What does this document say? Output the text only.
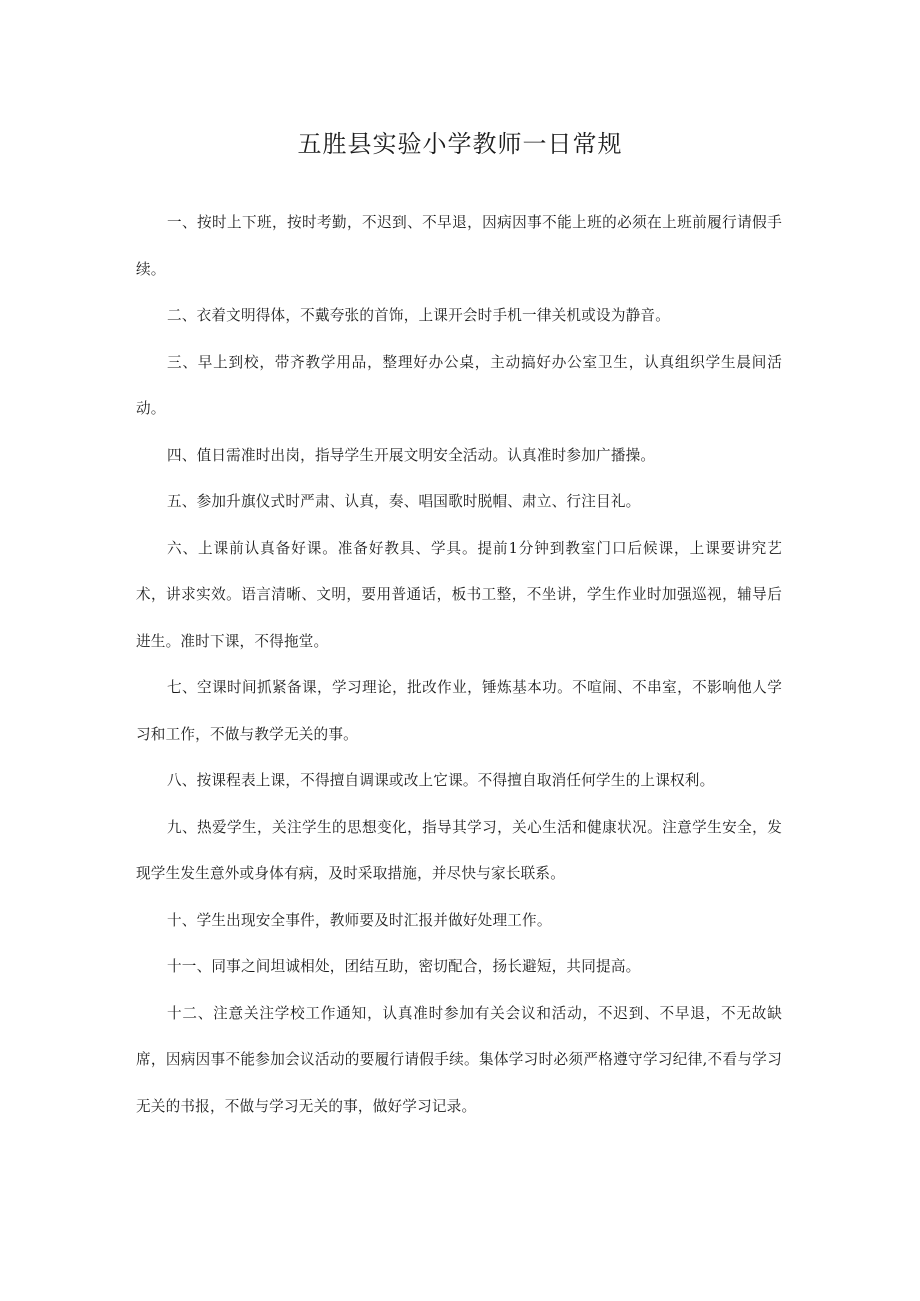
五胜县实验小学教师一日常规

一、按时上下班，按时考勤，不迟到、不早退，因病因事不能上班的必须在上班前履行请假手续。

二、衣着文明得体，不戴夸张的首饰，上课开会时手机一律关机或设为静音。

三、早上到校，带齐教学用品，整理好办公桌，主动搞好办公室卫生，认真组织学生晨间活动。

四、值日需准时出岗，指导学生开展文明安全活动。认真准时参加广播操。

五、参加升旗仪式时严肃、认真，奏、唱国歌时脱帽、肃立、行注目礼。

六、上课前认真备好课。准备好教具、学具。提前1分钟到教室门口后候课，上课要讲究艺术，讲求实效。语言清晰、文明，要用普通话，板书工整，不坐讲，学生作业时加强巡视，辅导后进生。准时下课，不得拖堂。

七、空课时间抓紧备课，学习理论，批改作业，锤炼基本功。不喧闹、不串室，不影响他人学习和工作，不做与教学无关的事。

八、按课程表上课，不得擅自调课或改上它课。不得擅自取消任何学生的上课权利。

九、热爱学生，关注学生的思想变化，指导其学习，关心生活和健康状况。注意学生安全，发现学生发生意外或身体有病，及时采取措施，并尽快与家长联系。

十、学生出现安全事件，教师要及时汇报并做好处理工作。

十一、同事之间坦诚相处，团结互助，密切配合，扬长避短，共同提高。

十二、注意关注学校工作通知，认真准时参加有关会议和活动，不迟到、不早退，不无故缺席，因病因事不能参加会议活动的要履行请假手续。集体学习时必须严格遵守学习纪律,不看与学习无关的书报，不做与学习无关的事，做好学习记录。
